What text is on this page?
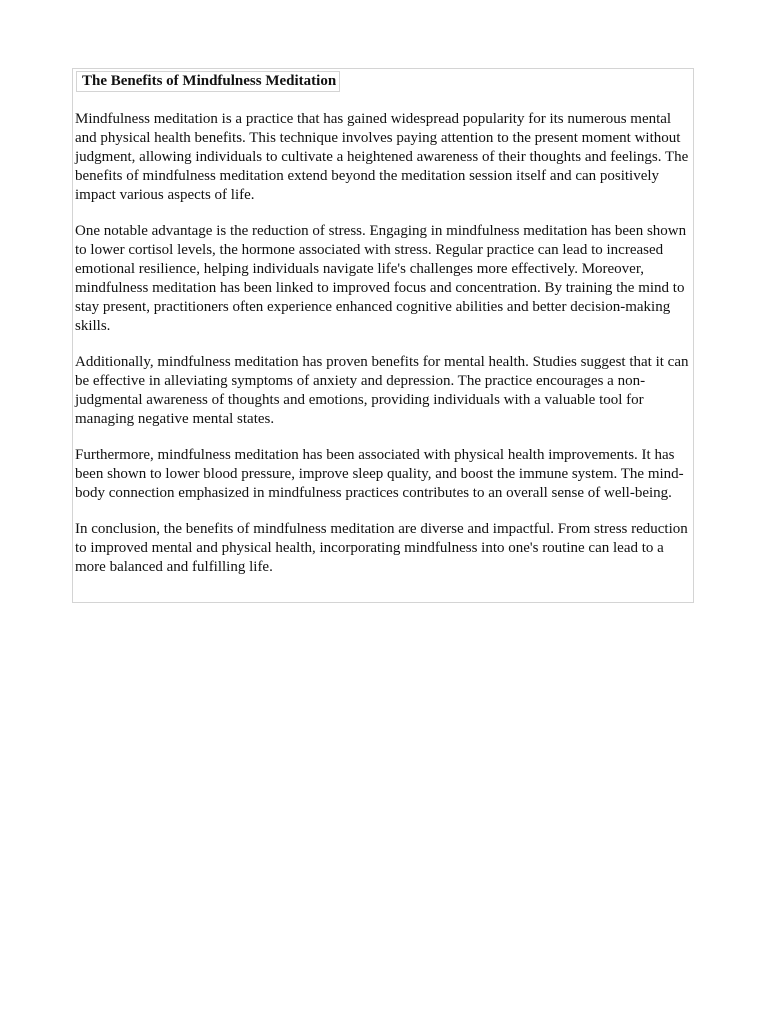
The Benefits of Mindfulness Meditation

Mindfulness meditation is a practice that has gained widespread popularity for its numerous mental and physical health benefits. This technique involves paying attention to the present moment without judgment, allowing individuals to cultivate a heightened awareness of their thoughts and feelings. The benefits of mindfulness meditation extend beyond the meditation session itself and can positively impact various aspects of life.

One notable advantage is the reduction of stress. Engaging in mindfulness meditation has been shown to lower cortisol levels, the hormone associated with stress. Regular practice can lead to increased emotional resilience, helping individuals navigate life's challenges more effectively. Moreover, mindfulness meditation has been linked to improved focus and concentration. By training the mind to stay present, practitioners often experience enhanced cognitive abilities and better decision-making skills.

Additionally, mindfulness meditation has proven benefits for mental health. Studies suggest that it can be effective in alleviating symptoms of anxiety and depression. The practice encourages a non-judgmental awareness of thoughts and emotions, providing individuals with a valuable tool for managing negative mental states.

Furthermore, mindfulness meditation has been associated with physical health improvements. It has been shown to lower blood pressure, improve sleep quality, and boost the immune system. The mind-body connection emphasized in mindfulness practices contributes to an overall sense of well-being.

In conclusion, the benefits of mindfulness meditation are diverse and impactful. From stress reduction to improved mental and physical health, incorporating mindfulness into one's routine can lead to a more balanced and fulfilling life.
